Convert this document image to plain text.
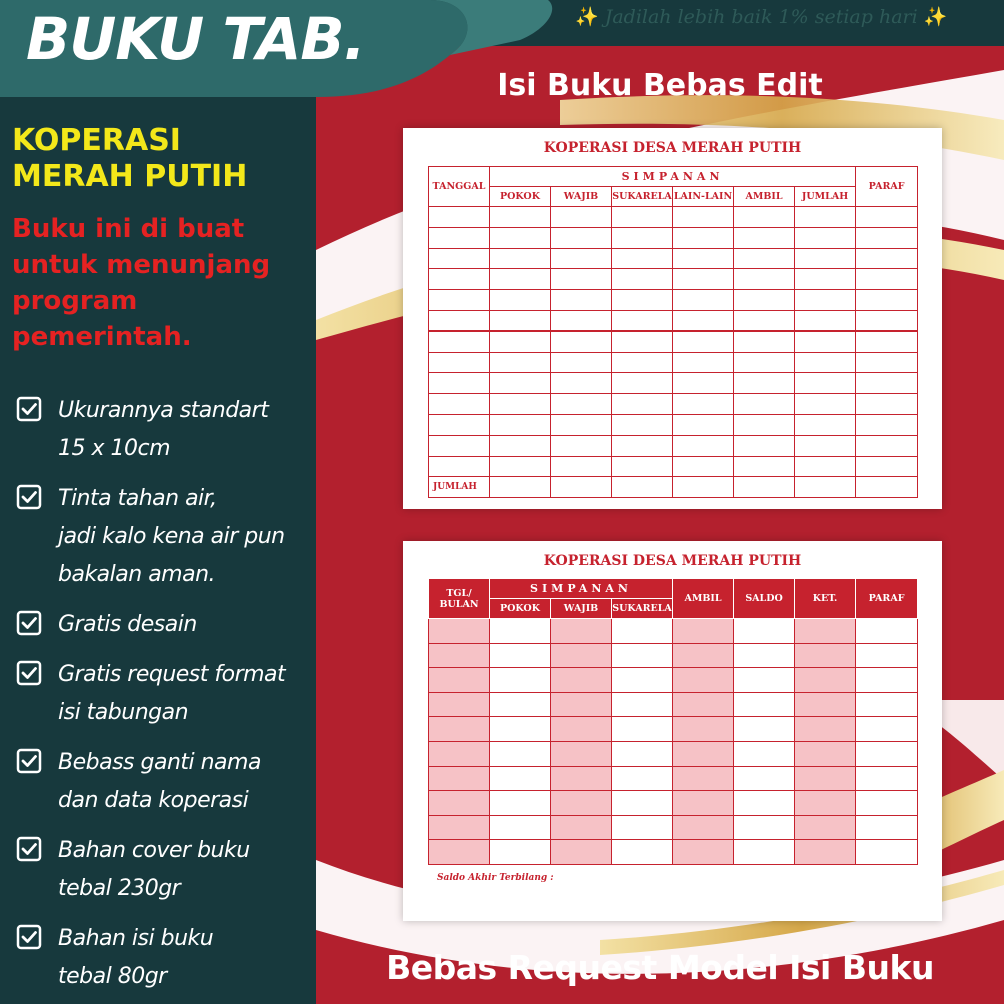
BUKU TAB.	✨ Jadilah lebih baik 1% setiap hari ✨
KOPERASI
MERAH PUTIH
Buku ini di buat untuk menunjang program pemerintah.
Ukurannya standart
15 x 10cm
Tinta tahan air,
jadi kalo kena air pun
bakalan aman.
Gratis desain
Gratis request format
isi tabungan
Bebass ganti nama
dan data koperasi
Bahan cover buku
tebal 230gr
Bahan isi buku
tebal 80gr
Isi Buku Bebas Edit
Bebas Request Model Isi Buku
KOPERASI DESA MERAH PUTIH
TANGGAL	SIMPANAN						PARAF
	POKOK	WAJIB	SUKARELA	LAIN-LAIN	AMBIL	JUMLAH	

JUMLAH							
KOPERASI DESA MERAH PUTIH
TGL/
BULAN	SIMPANAN			AMBIL	SALDO	KET.	PARAF
	POKOK	WAJIB	SUKARELA				

Saldo Akhir Terbilang :
